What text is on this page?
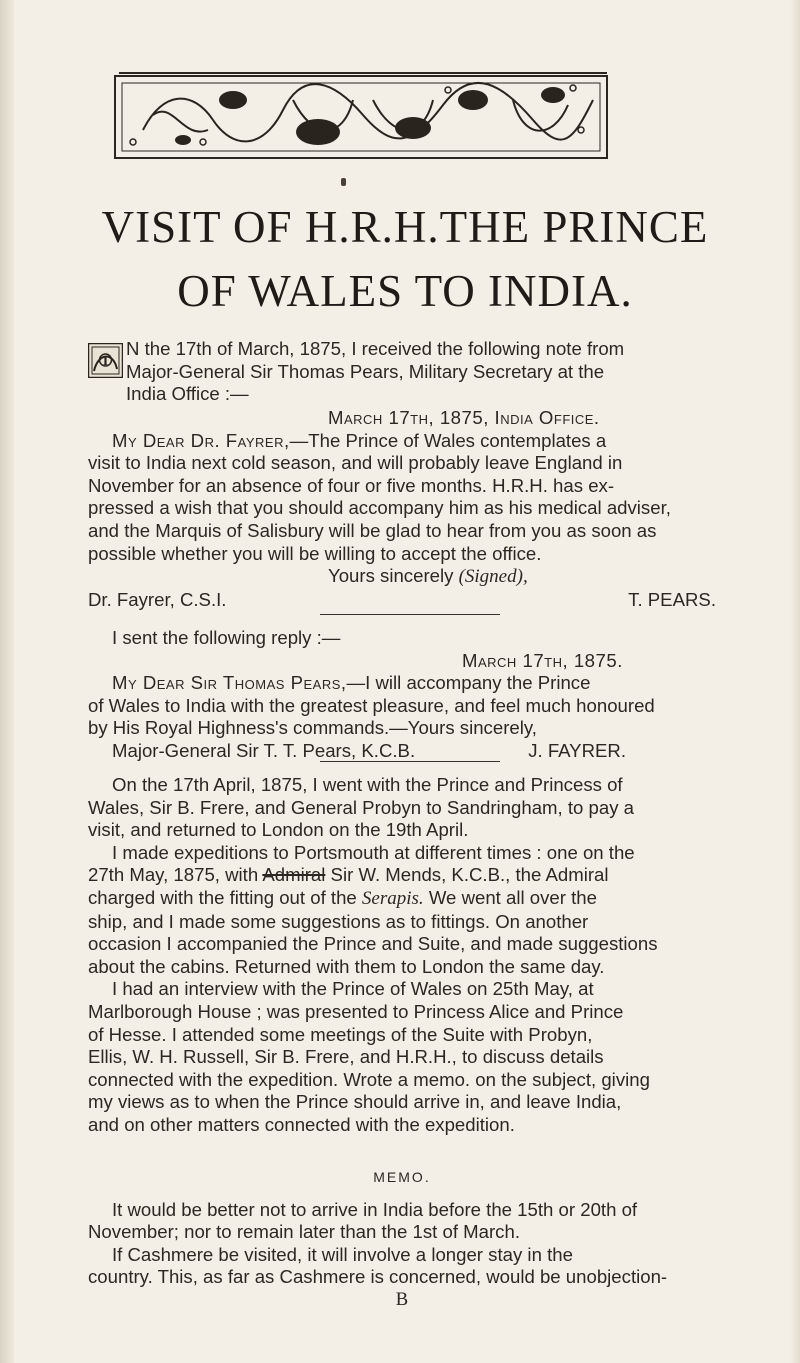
VISIT OF H.R.H.THE PRINCE
OF WALES TO INDIA.
I
N the 17th of March, 1875, I received the following note from
Major-General Sir Thomas Pears, Military Secretary at the
India Office :—
March 17th, 1875, India Office.
My Dear Dr. Fayrer,—The Prince of Wales contemplates a
visit to India next cold season, and will probably leave England in
November for an absence of four or five months. H.R.H. has ex-
pressed a wish that you should accompany him as his medical adviser,
and the Marquis of Salisbury will be glad to hear from you as soon as
possible whether you will be willing to accept the office.
Yours sincerely (Signed),
Dr. Fayrer, C.S.I.	T. PEARS.
I sent the following reply :—
March 17th, 1875.
My Dear Sir Thomas Pears,—I will accompany the Prince
of Wales to India with the greatest pleasure, and feel much honoured
by His Royal Highness's commands.—Yours sincerely,
Major-General Sir T. T. Pears, K.C.B.	J. FAYRER.
On the 17th April, 1875, I went with the Prince and Princess of
Wales, Sir B. Frere, and General Probyn to Sandringham, to pay a
visit, and returned to London on the 19th April.
I made expeditions to Portsmouth at different times : one on the
27th May, 1875, with Admiral Sir W. Mends, K.C.B., the Admiral
charged with the fitting out of the Serapis. We went all over the
ship, and I made some suggestions as to fittings. On another
occasion I accompanied the Prince and Suite, and made suggestions
about the cabins. Returned with them to London the same day.
I had an interview with the Prince of Wales on 25th May, at
Marlborough House ; was presented to Princess Alice and Prince
of Hesse. I attended some meetings of the Suite with Probyn,
Ellis, W. H. Russell, Sir B. Frere, and H.R.H., to discuss details
connected with the expedition. Wrote a memo. on the subject, giving
my views as to when the Prince should arrive in, and leave India,
and on other matters connected with the expedition.
MEMO.
It would be better not to arrive in India before the 15th or 20th of
November; nor to remain later than the 1st of March.
If Cashmere be visited, it will involve a longer stay in the
country. This, as far as Cashmere is concerned, would be unobjection-
B
